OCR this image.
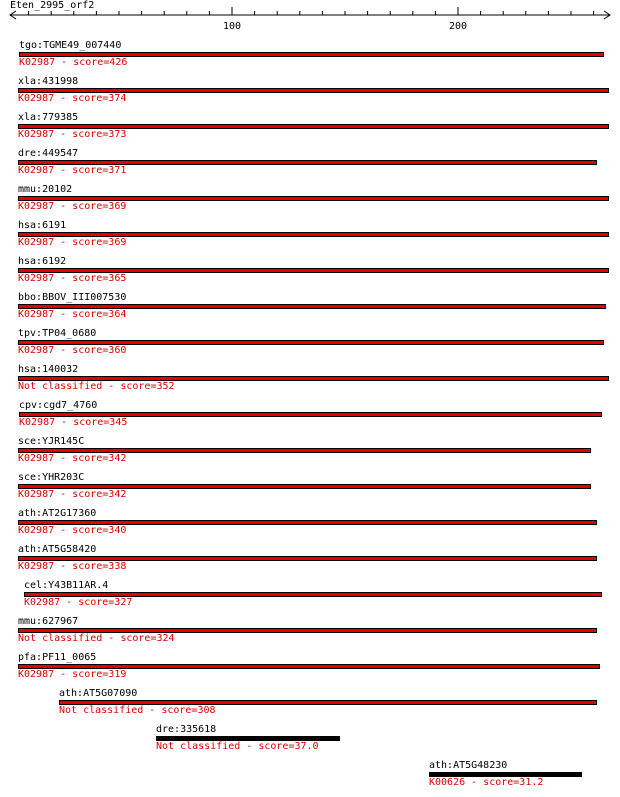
Eten_2995_orf2
100	200
tgo:TGME49_007440
K02987 - score=426
xla:431998
K02987 - score=374
xla:779385
K02987 - score=373
dre:449547
K02987 - score=371
mmu:20102
K02987 - score=369
hsa:6191
K02987 - score=369
hsa:6192
K02987 - score=365
bbo:BBOV_III007530
K02987 - score=364
tpv:TP04_0680
K02987 - score=360
hsa:140032
Not classified - score=352
cpv:cgd7_4760
K02987 - score=345
sce:YJR145C
K02987 - score=342
sce:YHR203C
K02987 - score=342
ath:AT2G17360
K02987 - score=340
ath:AT5G58420
K02987 - score=338
cel:Y43B11AR.4
K02987 - score=327
mmu:627967
Not classified - score=324
pfa:PF11_0065
K02987 - score=319
ath:AT5G07090
Not classified - score=308
dre:335618
Not classified - score=37.0
ath:AT5G48230
K00626 - score=31.2
